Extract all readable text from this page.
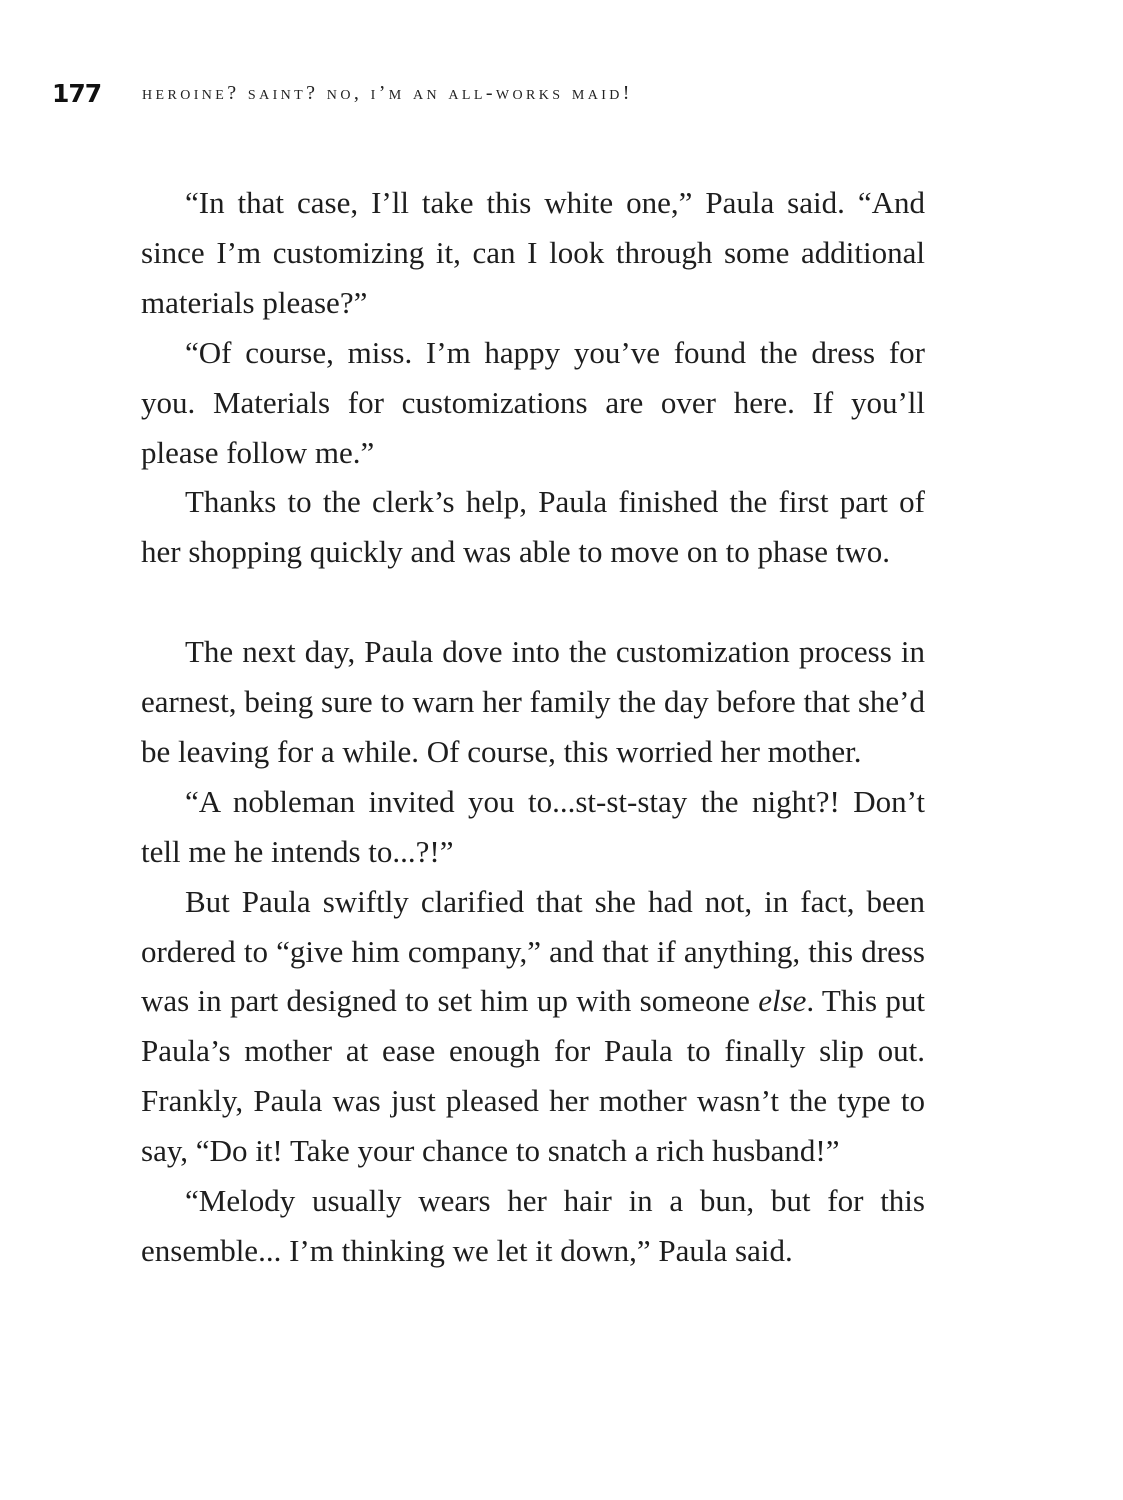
177	heroine? saint? no, i’m an all-works maid!

“In that case, I’ll take this white one,” Paula said. “And since I’m customizing it, can I look through some additional materials please?”

“Of course, miss. I’m happy you’ve found the dress for you. Materials for customizations are over here. If you’ll please follow me.”

Thanks to the clerk’s help, Paula finished the first part of her shopping quickly and was able to move on to phase two.

The next day, Paula dove into the customization process in earnest, being sure to warn her family the day before that she’d be leaving for a while. Of course, this worried her mother.

“A nobleman invited you to...st-st-stay the night?! Don’t tell me he intends to...?!”

But Paula swiftly clarified that she had not, in fact, been ordered to “give him company,” and that if anything, this dress was in part designed to set him up with someone else. This put Paula’s mother at ease enough for Paula to finally slip out. Frankly, Paula was just pleased her mother wasn’t the type to say, “Do it! Take your chance to snatch a rich husband!”

“Melody usually wears her hair in a bun, but for this ensemble... I’m thinking we let it down,” Paula said.
